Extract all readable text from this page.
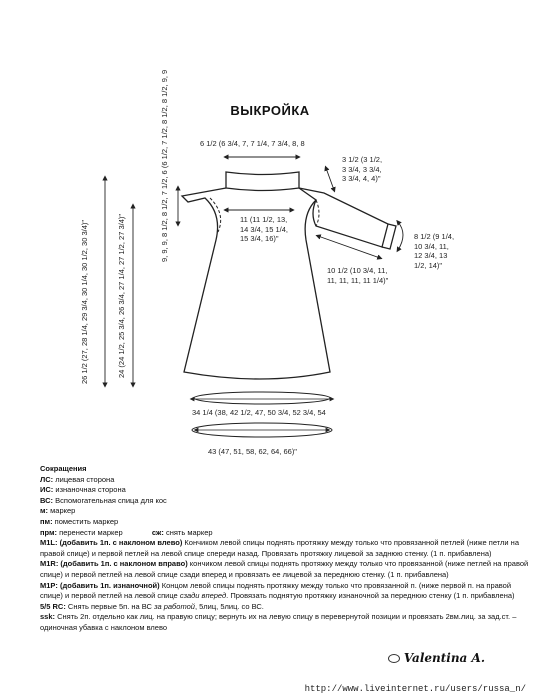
ВЫКРОЙКА
6 1/2 (6 3/4, 7, 7 1/4, 7 3/4, 8, 8
9, 9, 9, 8 1/2, 8 1/2, 7 1/2, 6 (6 1/2, 7 1/2, 8 1/2, 8 1/2, 9, 9	3 1/2 (3 1/2,
3 3/4, 3 3/4,
3 3/4, 4, 4)"
11 (11 1/2, 13,
14 3/4, 15 1/4,
15 3/4, 16)"	8 1/2 (9 1/4,
10 3/4, 11,
12 3/4, 13
1/2, 14)"
10 1/2 (10 3/4, 11,
11, 11, 11, 11 1/4)"
26 1/2 (27, 28 1/4, 29 3/4, 30 1/4, 30 1/2, 30 3/4)"	24 (24 1/2, 25 3/4, 26 3/4, 27 1/4, 27 1/2, 27 3/4)"
34 1/4 (38, 42 1/2, 47, 50 3/4, 52 3/4, 54
43 (47, 51, 58, 62, 64, 66)"
Сокращения
ЛС: лицевая сторона
ИС: изнаночная сторона
ВС: Вспомогательная спица для кос
м: маркер
пм: поместить маркер
прм: перенести маркер	сж: снять маркер
M1L: (добавить 1п. с наклоном влево) Кончиком левой спицы поднять протяжку между только что провязанной петлей (ниже петли на правой спице) и первой петлей на левой спице спереди назад. Провязать протяжку лицевой за заднюю стенку. (1 п. прибавлена)
M1R: (добавить 1п. с наклоном вправо) кончиком левой спицы поднять протяжку между только что провязанной (ниже петлей на правой спице) и первой петлей на левой спице сзади вперед и провязать ее лицевой за переднюю стенку. (1 п. прибавлена)
M1P: (добавить 1п. изнаночной) Концом левой спицы поднять протяжку между только что провязанной п. (ниже первой п. на правой спице) и первой петлей на левой спице сзади вперед. Провязать поднятую протяжку изнаночной за переднюю стенку (1 п. прибавлена)
5/5 RC: Снять первые 5п. на ВС за работой, 5лиц, 5лиц. со ВС.
ssk: Снять 2п. отдельно как лиц. на правую спицу; вернуть их на левую спицу в перевернутой позиции и провязать 2вм.лиц. за зад.ст. – одиночная убавка с наклоном влево
Valentina A.
http://www.liveinternet.ru/users/russa_n/
